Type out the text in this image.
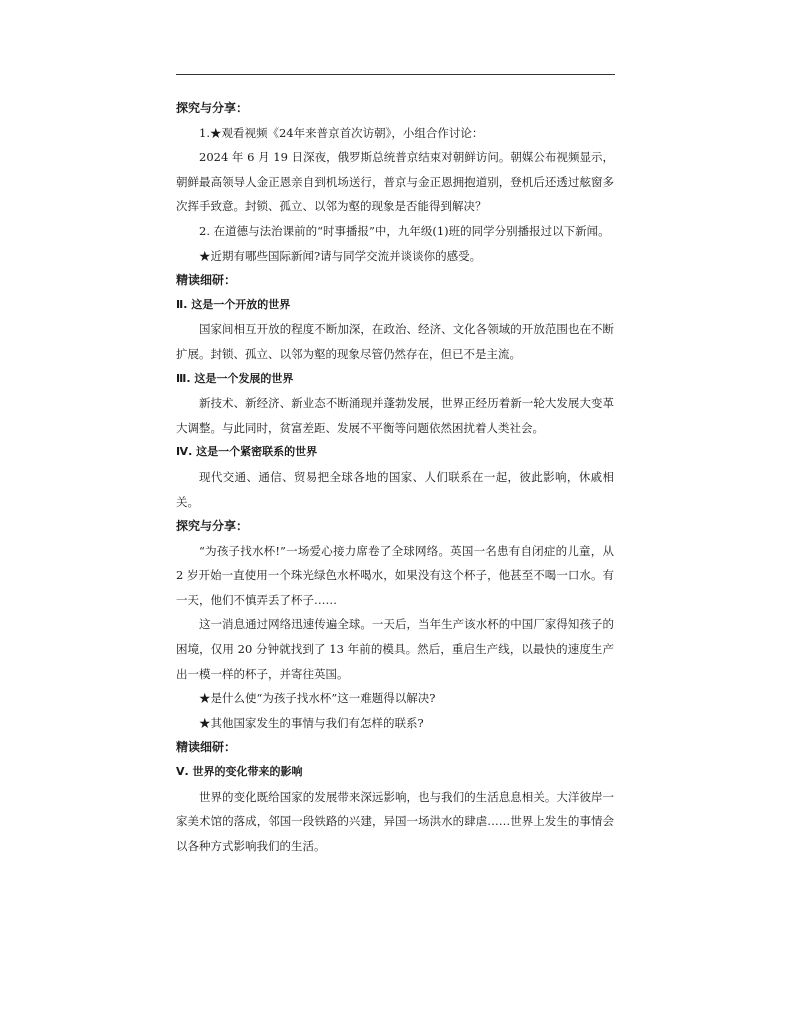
探究与分享：

1.★观看视频《24年来普京首次访朝》，小组合作讨论：

2024 年 6 月 19 日深夜，俄罗斯总统普京结束对朝鲜访问。朝媒公布视频显示，朝鲜最高领导人金正恩亲自到机场送行，普京与金正恩拥抱道别，登机后还透过舷窗多次挥手致意。封锁、孤立、以邻为壑的现象是否能得到解决？

2. 在道德与法治课前的“时事播报”中，九年级(1)班的同学分别播报过以下新闻。

★近期有哪些国际新闻?请与同学交流并谈谈你的感受。

精读细研：

Ⅱ. 这是一个开放的世界

国家间相互开放的程度不断加深，在政治、经济、文化各领域的开放范围也在不断扩展。封锁、孤立、以邻为壑的现象尽管仍然存在，但已不是主流。

Ⅲ. 这是一个发展的世界

新技术、新经济、新业态不断涌现并蓬勃发展，世界正经历着新一轮大发展大变革大调整。与此同时，贫富差距、发展不平衡等问题依然困扰着人类社会。

Ⅳ. 这是一个紧密联系的世界

现代交通、通信、贸易把全球各地的国家、人们联系在一起，彼此影响，休戚相关。

探究与分享：

“为孩子找水杯!”一场爱心接力席卷了全球网络。英国一名患有自闭症的儿童，从 2 岁开始一直使用一个珠光绿色水杯喝水，如果没有这个杯子，他甚至不喝一口水。有一天，他们不慎弄丢了杯子……

这一消息通过网络迅速传遍全球。一天后，当年生产该水杯的中国厂家得知孩子的困境，仅用 20 分钟就找到了 13 年前的模具。然后，重启生产线，以最快的速度生产出一模一样的杯子，并寄往英国。

★是什么使“为孩子找水杯”这一难题得以解决?

★其他国家发生的事情与我们有怎样的联系?

精读细研：

Ⅴ. 世界的变化带来的影响

世界的变化既给国家的发展带来深远影响，也与我们的生活息息相关。大洋彼岸一家美术馆的落成，邻国一段铁路的兴建，异国一场洪水的肆虐……世界上发生的事情会以各种方式影响我们的生活。
